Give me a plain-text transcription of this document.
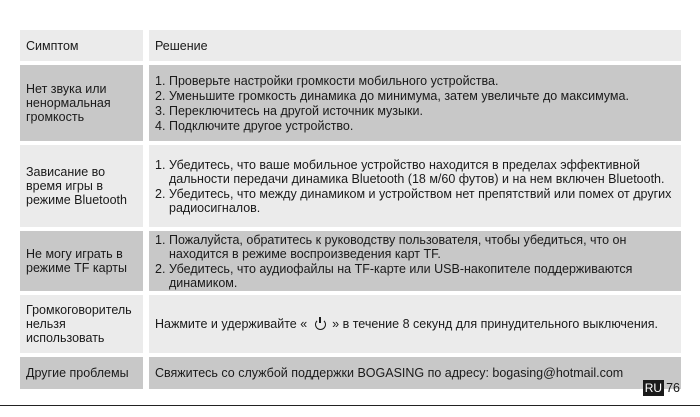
Симптом	Решение
Нет звука или ненормальная громкость
1. Проверьте настройки громкости мобильного устройства.
2. Уменьшите громкость динамика до минимума, затем увеличьте до максимума.
3. Переключитесь на другой источник музыки.
4. Подключите другое устройство.
Зависание во время игры в режиме Bluetooth
1. Убедитесь, что ваше мобильное устройство находится в пределах эффективной дальности передачи динамика Bluetooth (18 м/60 футов) и на нем включен Bluetooth.
2. Убедитесь, что между динамиком и устройством нет препятствий или помех от других радиосигналов.
Не могу играть в режиме TF карты
1. Пожалуйста, обратитесь к руководству пользователя, чтобы убедиться, что он находится в режиме воспроизведения карт TF.
2. Убедитесь, что аудиофайлы на TF-карте или USB-накопителе поддерживаются динамиком.
Громкоговоритель нельзя использовать
Нажмите и удерживайте « » в течение 8 секунд для принудительного выключения.
Другие проблемы	Свяжитесь со службой поддержки BOGASING по адресу: bogasing@hotmail.com
RU 76
